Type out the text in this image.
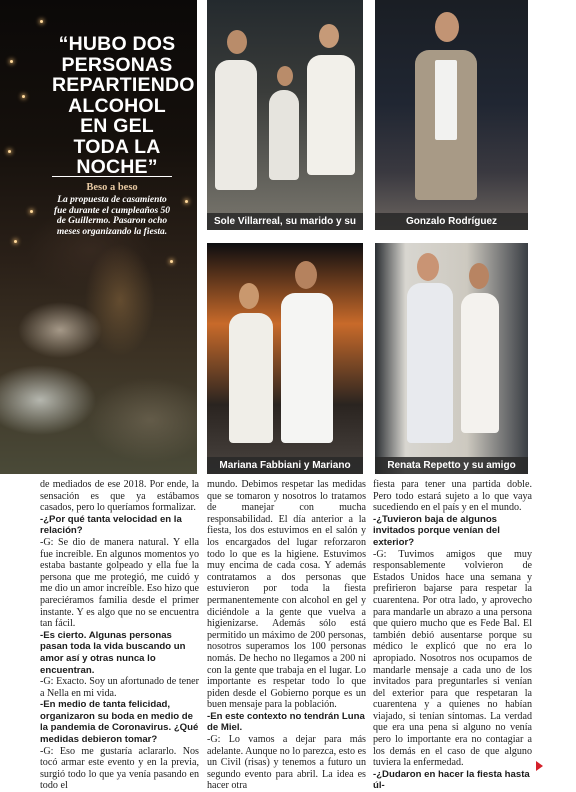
“HUBO DOS PERSONAS REPARTIENDO ALCOHOL EN GEL TODA LA NOCHE”
Beso a beso
La propuesta de casamiento fue durante el cumpleaños 50 de Guillermo. Pasaron ocho meses organizando la fiesta.
Sole Villarreal, su marido y su	Gonzalo Rodríguez
Mariana Fabbiani y Mariano	Renata Repetto y su amigo

de mediados de ese 2018. Por ende, la sensación es que ya estábamos casados, pero lo queríamos formalizar.

-¿Por qué tanta velocidad en la relación?

-G: Se dio de manera natural. Y ella fue increíble. En algunos momentos yo estaba bastante golpeado y ella fue la persona que me protegió, me cuidó y me dio un amor increíble. Eso hizo que pareciéramos familia desde el primer instante. Y es algo que no se encuentra tan fácil.

-Es cierto. Algunas personas pasan toda la vida buscando un amor así y otras nunca lo encuentran.

-G: Exacto. Soy un afortunado de tener a Nella en mi vida.

-En medio de tanta felicidad, organizaron su boda en medio de la pandemia de Coronavirus. ¿Qué medidas debieron tomar?

-G: Eso me gustaría aclararlo. Nos tocó armar este evento y en la previa, surgió todo lo que ya venía pasando en todo el

mundo. Debimos respetar las medidas que se tomaron y nosotros lo tratamos de manejar con mucha responsabilidad. El día anterior a la fiesta, los dos estuvimos en el salón y los encargados del lugar reforzaron todo lo que es la higiene. Estuvimos muy encima de cada cosa. Y además contratamos a dos personas que estuvieron por toda la fiesta permanentemente con alcohol en gel y diciéndole a la gente que vuelva a higienizarse. Además sólo está permitido un máximo de 200 personas, nosotros superamos los 100 personas nomás. De hecho no llegamos a 200 ni con la gente que trabaja en el lugar. Lo importante es respetar todo lo que piden desde el Gobierno porque es un buen mensaje para la población.

-En este contexto no tendrán Luna de Miel.

-G: Lo vamos a dejar para más adelante. Aunque no lo parezca, esto es un Civil (risas) y tenemos a futuro un segundo evento para abril. La idea es hacer otra

fiesta para tener una partida doble. Pero todo estará sujeto a lo que vaya sucediendo en el país y en el mundo.

-¿Tuvieron baja de algunos invitados porque venían del exterior?

-G: Tuvimos amigos que muy responsablemente volvieron de Estados Unidos hace una semana y prefirieron bajarse para respetar la cuarentena. Por otra lado, y aprovecho para mandarle un abrazo a una persona que quiero mucho que es Fede Bal. El también debió ausentarse porque su médico le explicó que no era lo apropiado. Nosotros nos ocupamos de mandarle mensaje a cada uno de los invitados para preguntarles si venían del exterior para que respetaran la cuarentena y a quienes no habían viajado, si tenían síntomas. La verdad que era una pena si alguno no venía pero lo importante era no contagiar a los demás en el caso de que alguno tuviera la enfermedad.

-¿Dudaron en hacer la fiesta hasta úl-
